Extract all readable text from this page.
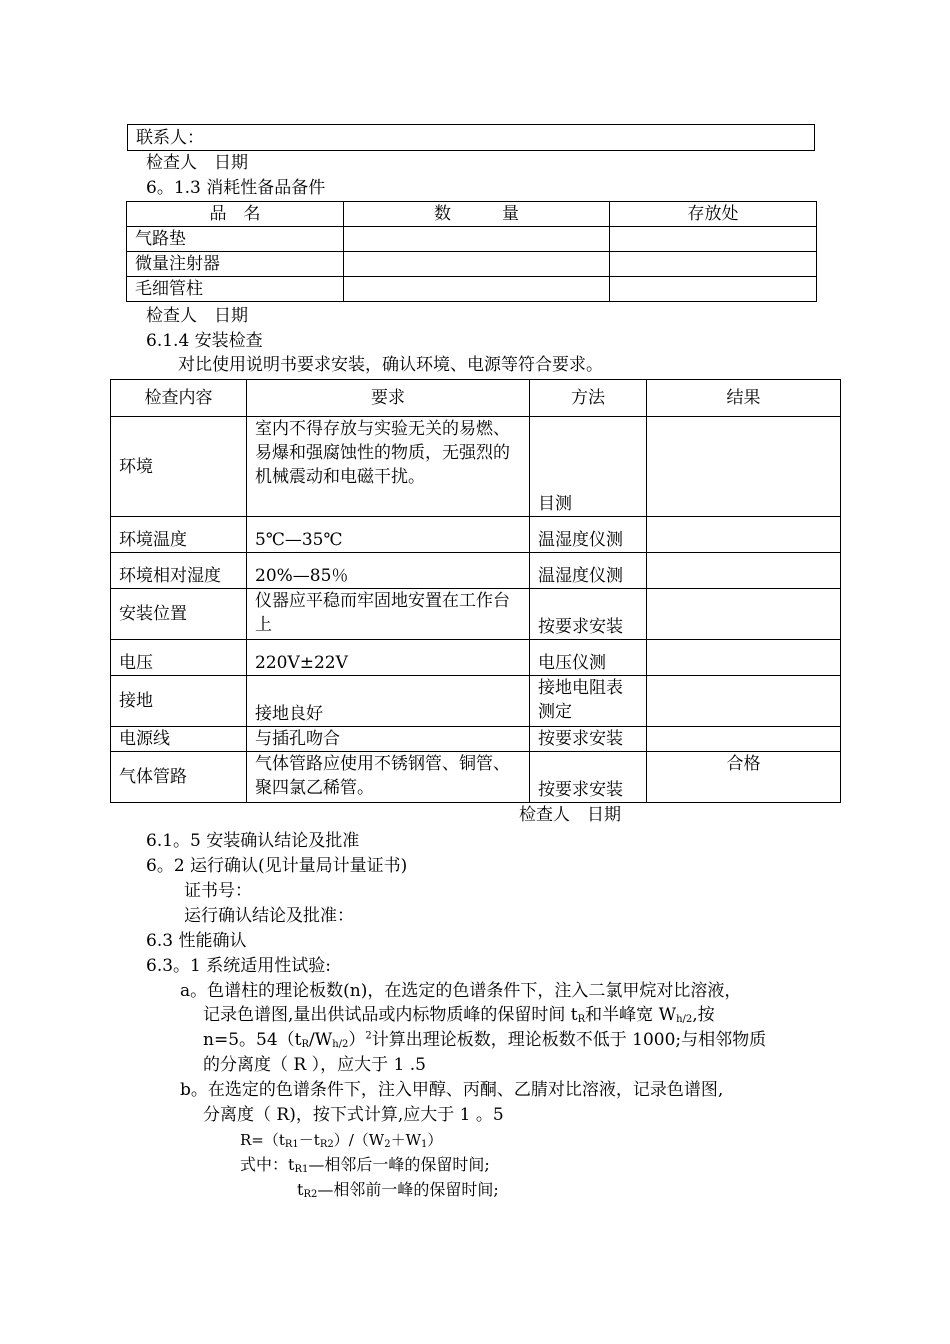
联系人：
检查人　日期
6。1.3 消耗性备品备件
品　名	数　　　量	存放处
气路垫		
微量注射器		
毛细管柱		
检查人　日期
6.1.4 安装检查
对比使用说明书要求安装，确认环境、电源等符合要求。
检查内容	要求	方法	结果
环境	室内不得存放与实验无关的易燃、易爆和强腐蚀性的物质，无强烈的机械震动和电磁干扰。	目测	
环境温度	5℃—35℃	温湿度仪测	
环境相对湿度	20%—85％	温湿度仪测	
安装位置	仪器应平稳而牢固地安置在工作台上	按要求安装	
电压	220V±22V	电压仪测	
接地	接地良好	接地电阻表测定	
电源线	与插孔吻合	按要求安装	
气体管路	气体管路应使用不锈钢管、铜管、聚四氯乙稀管。	按要求安装	合格
检查人　日期
6.1。5 安装确认结论及批准
6。2 运行确认(见计量局计量证书)
证书号：
运行确认结论及批准：
6.3 性能确认
6.3。1 系统适用性试验:
a。色谱柱的理论板数(n)，在选定的色谱条件下，注入二氯甲烷对比溶液，
记录色谱图,量出供试品或内标物质峰的保留时间 $t_R$和半峰宽 $W_{h/2}$,按
n=5。$54(t_R/W_{h/2})^2$计算出理论板数，理论板数不低于 1000;与相邻物质
的分离度（ R ），应大于 1 .5
b。在选定的色谱条件下，注入甲醇、丙酮、乙腈对比溶液，记录色谱图,
分离度（ R)，按下式计算,应大于 1 。5
$R=(t_{R1}-t_{R2})/(W_2+W_1)$
式中：$t_{R1}—$相邻后一峰的保留时间;
$t_{R2}—$相邻前一峰的保留时间;
